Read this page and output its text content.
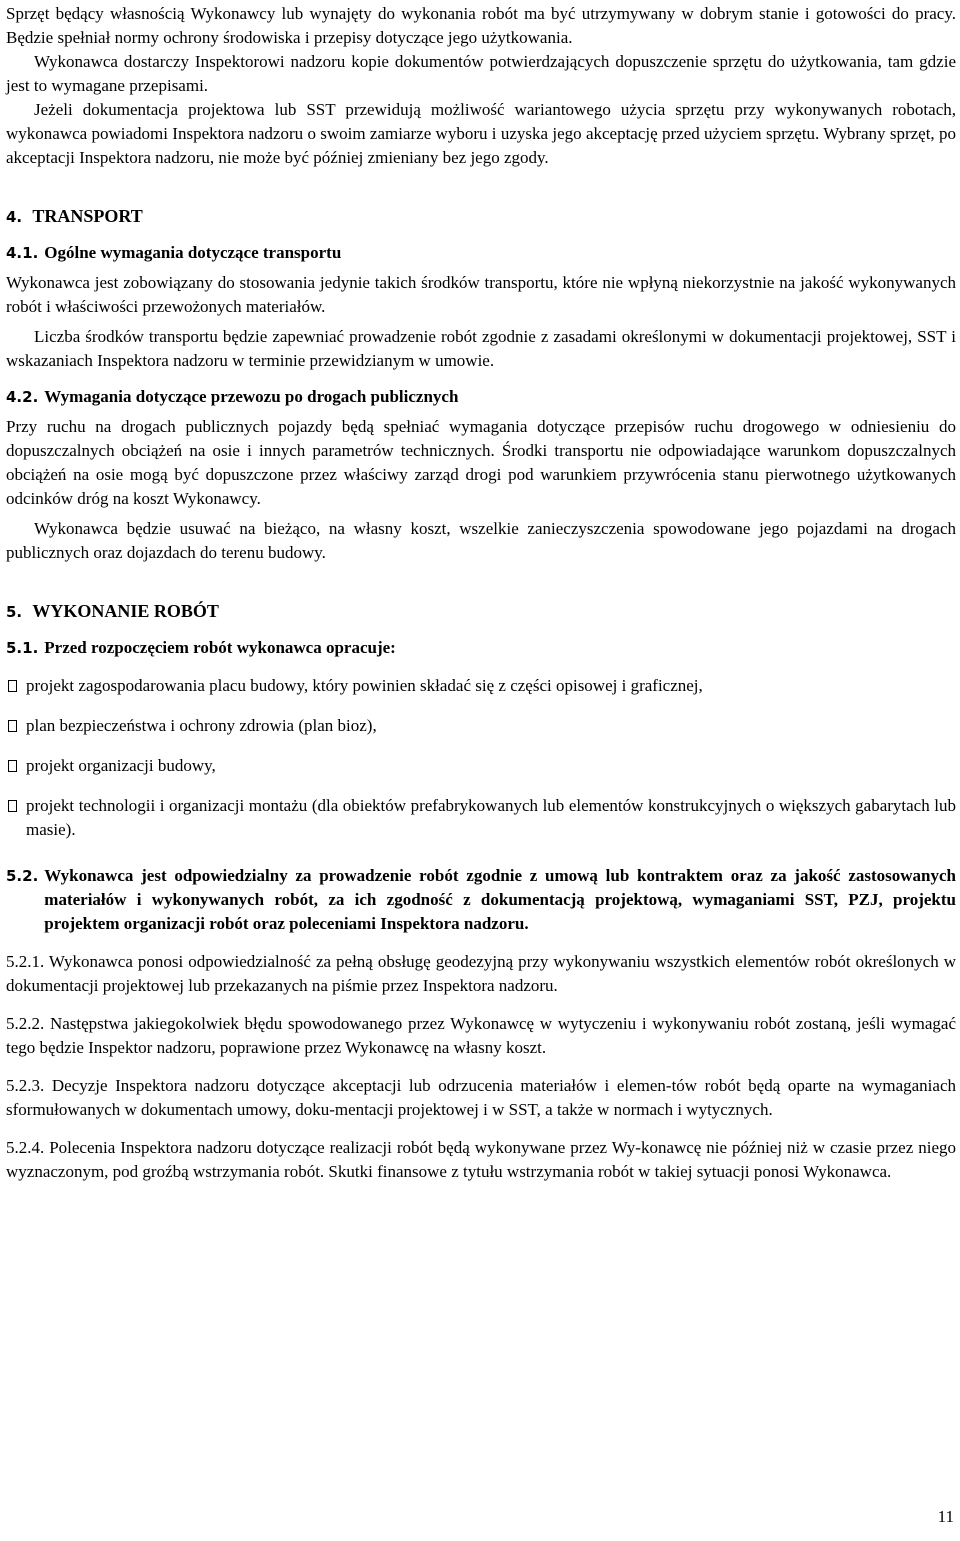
Sprzęt będący własnością Wykonawcy lub wynajęty do wykonania robót ma być utrzymywany w dobrym stanie i gotowości do pracy. Będzie spełniał normy ochrony środowiska i przepisy dotyczące jego użytkowania.

Wykonawca dostarczy Inspektorowi nadzoru kopie dokumentów potwierdzających dopuszczenie sprzętu do użytkowania, tam gdzie jest to wymagane przepisami.

Jeżeli dokumentacja projektowa lub SST przewidują możliwość wariantowego użycia sprzętu przy wykonywanych robotach, wykonawca powiadomi Inspektora nadzoru o swoim zamiarze wyboru i uzyska jego akceptację przed użyciem sprzętu. Wybrany sprzęt, po akceptacji Inspektora nadzoru, nie może być później zmieniany bez jego zgody.

4. TRANSPORT
4.1. Ogólne wymagania dotyczące transportu

Wykonawca jest zobowiązany do stosowania jedynie takich środków transportu, które nie wpłyną niekorzystnie na jakość wykonywanych robót i właściwości przewożonych materiałów.

Liczba środków transportu będzie zapewniać prowadzenie robót zgodnie z zasadami określonymi w dokumentacji projektowej, SST i wskazaniach Inspektora nadzoru w terminie przewidzianym w umowie.

4.2. Wymagania dotyczące przewozu po drogach publicznych

Przy ruchu na drogach publicznych pojazdy będą spełniać wymagania dotyczące przepisów ruchu drogowego w odniesieniu do dopuszczalnych obciążeń na osie i innych parametrów technicznych. Środki transportu nie odpowiadające warunkom dopuszczalnych obciążeń na osie mogą być dopuszczone przez właściwy zarząd drogi pod warunkiem przywrócenia stanu pierwotnego użytkowanych odcinków dróg na koszt Wykonawcy.

Wykonawca będzie usuwać na bieżąco, na własny koszt, wszelkie zanieczyszczenia spowodowane jego pojazdami na drogach publicznych oraz dojazdach do terenu budowy.

5. WYKONANIE ROBÓT
5.1. Przed rozpoczęciem robót wykonawca opracuje:
projekt zagospodarowania placu budowy, który powinien składać się z części opisowej i graficznej,
plan bezpieczeństwa i ochrony zdrowia (plan bioz),
projekt organizacji budowy,
projekt technologii i organizacji montażu (dla obiektów prefabrykowanych lub elementów konstrukcyjnych o większych gabarytach lub masie).
5.2. Wykonawca jest odpowiedzialny za prowadzenie robót zgodnie z umową lub kontraktem oraz za jakość zastosowanych materiałów i wykonywanych robót, za ich zgodność z dokumentacją projektową, wymaganiami SST, PZJ, projektu projektem organizacji robót oraz poleceniami Inspektora nadzoru.

5.2.1. Wykonawca ponosi odpowiedzialność za pełną obsługę geodezyjną przy wykonywaniu wszystkich elementów robót określonych w dokumentacji projektowej lub przekazanych na piśmie przez Inspektora nadzoru.

5.2.2. Następstwa jakiegokolwiek błędu spowodowanego przez Wykonawcę w wytyczeniu i wykonywaniu robót zostaną, jeśli wymagać tego będzie Inspektor nadzoru, poprawione przez Wykonawcę na własny koszt.

5.2.3. Decyzje Inspektora nadzoru dotyczące akceptacji lub odrzucenia materiałów i elemen-tów robót będą oparte na wymaganiach sformułowanych w dokumentach umowy, doku-mentacji projektowej i w SST, a także w normach i wytycznych.

5.2.4. Polecenia Inspektora nadzoru dotyczące realizacji robót będą wykonywane przez Wy-konawcę nie później niż w czasie przez niego wyznaczonym, pod groźbą wstrzymania robót. Skutki finansowe z tytułu wstrzymania robót w takiej sytuacji ponosi Wykonawca.

11
